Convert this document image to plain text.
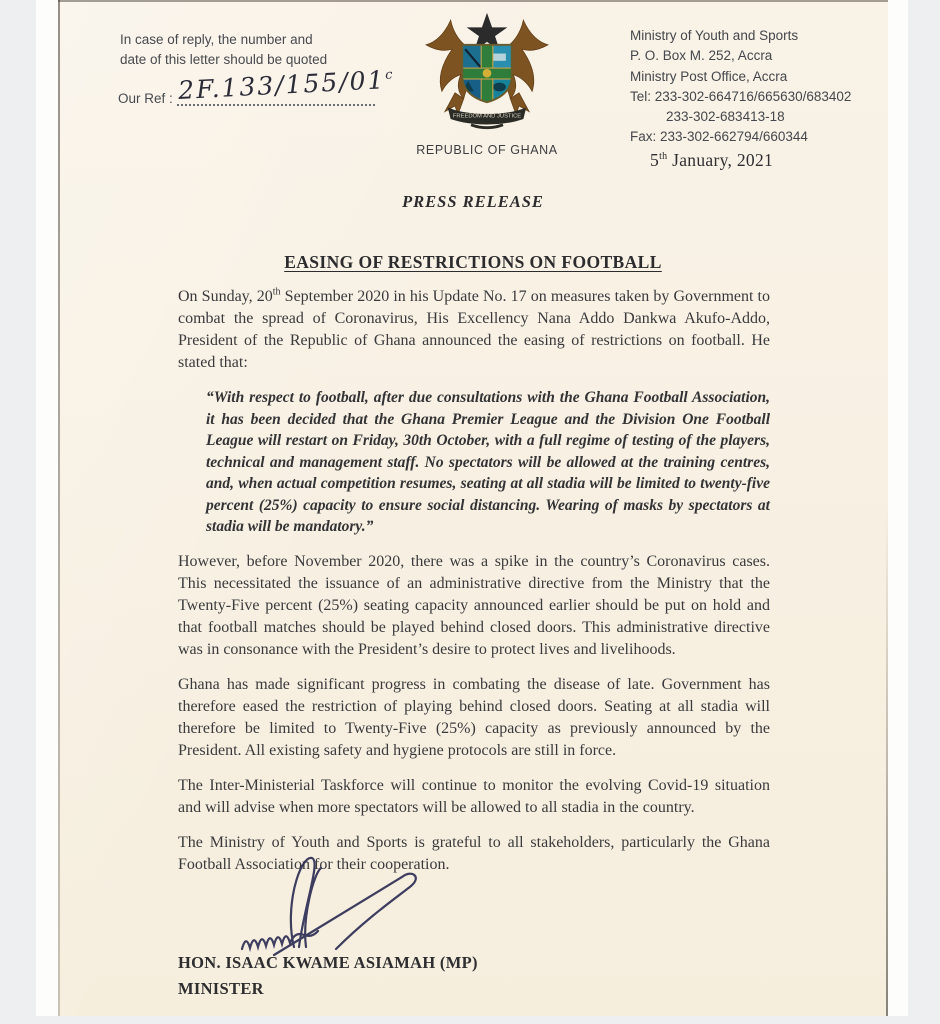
In case of reply, the number and
date of this letter should be quoted
Our Ref : 2F.133/155/01$^c$
FREEDOM AND JUSTICE
REPUBLIC OF GHANA
Ministry of Youth and Sports
P. O. Box M. 252, Accra
Ministry Post Office, Accra
Tel: 233-302-664716/665630/683402
233-302-683413-18
Fax: 233-302-662794/660344
5th January, 2021
PRESS RELEASE
EASING OF RESTRICTIONS ON FOOTBALL

On Sunday, 20th September 2020 in his Update No. 17 on measures taken by Government to combat the spread of Coronavirus, His Excellency Nana Addo Dankwa Akufo-Addo, President of the Republic of Ghana announced the easing of restrictions on football. He stated that:

“With respect to football, after due consultations with the Ghana Football Association, it has been decided that the Ghana Premier League and the Division One Football League will restart on Friday, 30th October, with a full regime of testing of the players, technical and management staff. No spectators will be allowed at the training centres, and, when actual competition resumes, seating at all stadia will be limited to twenty-five percent (25%) capacity to ensure social distancing. Wearing of masks by spectators at stadia will be mandatory.”

However, before November 2020, there was a spike in the country’s Coronavirus cases. This necessitated the issuance of an administrative directive from the Ministry that the Twenty-Five percent (25%) seating capacity announced earlier should be put on hold and that football matches should be played behind closed doors. This administrative directive was in consonance with the President’s desire to protect lives and livelihoods.

Ghana has made significant progress in combating the disease of late. Government has therefore eased the restriction of playing behind closed doors. Seating at all stadia will therefore be limited to Twenty-Five (25%) capacity as previously announced by the President. All existing safety and hygiene protocols are still in force.

The Inter-Ministerial Taskforce will continue to monitor the evolving Covid-19 situation and will advise when more spectators will be allowed to all stadia in the country.

The Ministry of Youth and Sports is grateful to all stakeholders, particularly the Ghana Football Association for their cooperation.

HON. ISAAC KWAME ASIAMAH (MP)
MINISTER
